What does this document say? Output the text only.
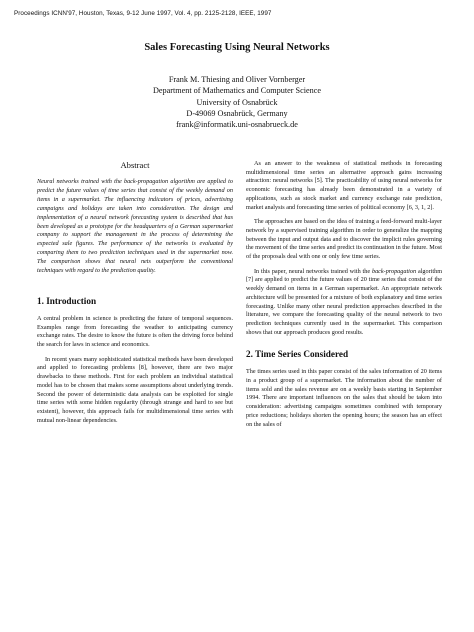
Proceedings ICNN'97, Houston, Texas, 9-12 June 1997, Vol. 4, pp. 2125-2128, IEEE, 1997
Sales Forecasting Using Neural Networks
Frank M. Thiesing and Oliver Vornberger
Department of Mathematics and Computer Science
University of Osnabrück
D-49069 Osnabrück, Germany
frank@informatik.uni-osnabrueck.de
Abstract

Neural networks trained with the back-propagation algorithm are applied to predict the future values of time series that consist of the weekly demand on items in a supermarket. The influencing indicators of prices, advertising campaigns and holidays are taken into consideration. The design and implementation of a neural network forecasting system is described that has been developed as a prototype for the headquarters of a German supermarket company to support the management in the process of determining the expected sale figures. The performance of the networks is evaluated by comparing them to two prediction techniques used in the supermarket now. The comparison shows that neural nets outperform the conventional techniques with regard to the prediction quality.

1. Introduction

A central problem in science is predicting the future of temporal sequences. Examples range from forecasting the weather to anticipating currency exchange rates. The desire to know the future is often the driving force behind the search for laws in science and economics.

In recent years many sophisticated statistical methods have been developed and applied to forecasting problems [8], however, there are two major drawbacks to these methods. First for each problem an individual statistical model has to be chosen that makes some assumptions about underlying trends. Second the power of deterministic data analysis can be exploited for single time series with some hidden regularity (through strange and hard to see but existent), however, this approach fails for multidimensional time series with mutual non-linear dependencies.

As an answer to the weakness of statistical methods in forecasting multidimensional time series an alternative approach gains increasing attraction: neural networks [5]. The practicability of using neural networks for economic forecasting has already been demonstrated in a variety of applications, such as stock market and currency exchange rate prediction, market analysis and forecasting time series of political economy [6, 3, 1, 2].

The approaches are based on the idea of training a feed-forward multi-layer network by a supervised training algorithm in order to generalize the mapping between the input and output data and to discover the implicit rules governing the movement of the time series and predict its continuation in the future. Most of the proposals deal with one or only few time series.

In this paper, neural networks trained with the back-propagation algorithm [7] are applied to predict the future values of 20 time series that consist of the weekly demand on items in a German supermarket. An appropriate network architecture will be presented for a mixture of both explanatory and time series forecasting. Unlike many other neural prediction approaches described in the literature, we compare the forecasting quality of the neural network to two prediction techniques currently used in the supermarket. This comparison shows that our approach produces good results.

2. Time Series Considered

The times series used in this paper consist of the sales information of 20 items in a product group of a supermarket. The information about the number of items sold and the sales revenue are on a weekly basis starting in September 1994. There are important influences on the sales that should be taken into consideration: advertising campaigns sometimes combined with temporary price reductions; holidays shorten the opening hours; the season has an effect on the sales of
